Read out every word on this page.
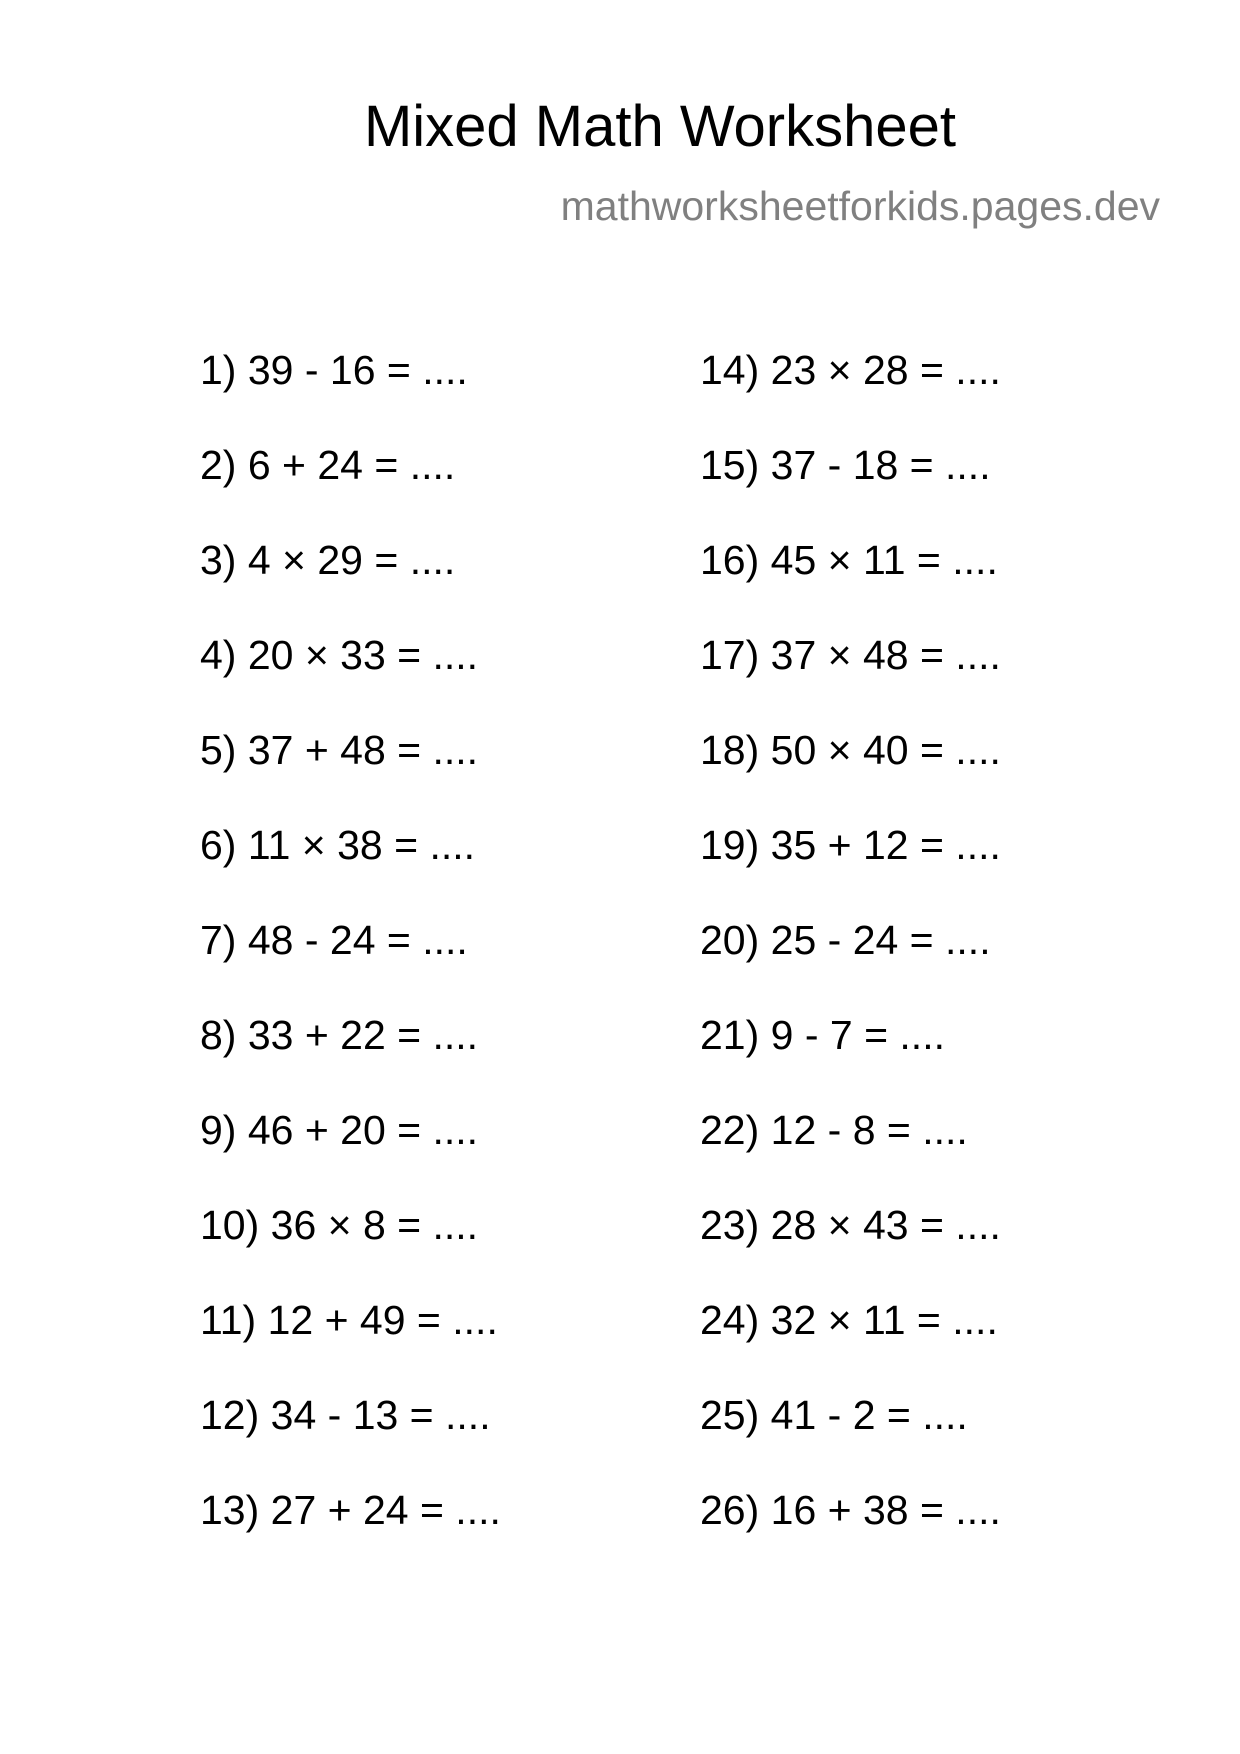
Mixed Math Worksheet
mathworksheetforkids.pages.dev
1) 39 - 16 = ....
2) 6 + 24 = ....
3) 4 × 29 = ....
4) 20 × 33 = ....
5) 37 + 48 = ....
6) 11 × 38 = ....
7) 48 - 24 = ....
8) 33 + 22 = ....
9) 46 + 20 = ....
10) 36 × 8 = ....
11) 12 + 49 = ....
12) 34 - 13 = ....
13) 27 + 24 = ....
14) 23 × 28 = ....
15) 37 - 18 = ....
16) 45 × 11 = ....
17) 37 × 48 = ....
18) 50 × 40 = ....
19) 35 + 12 = ....
20) 25 - 24 = ....
21) 9 - 7 = ....
22) 12 - 8 = ....
23) 28 × 43 = ....
24) 32 × 11 = ....
25) 41 - 2 = ....
26) 16 + 38 = ....
